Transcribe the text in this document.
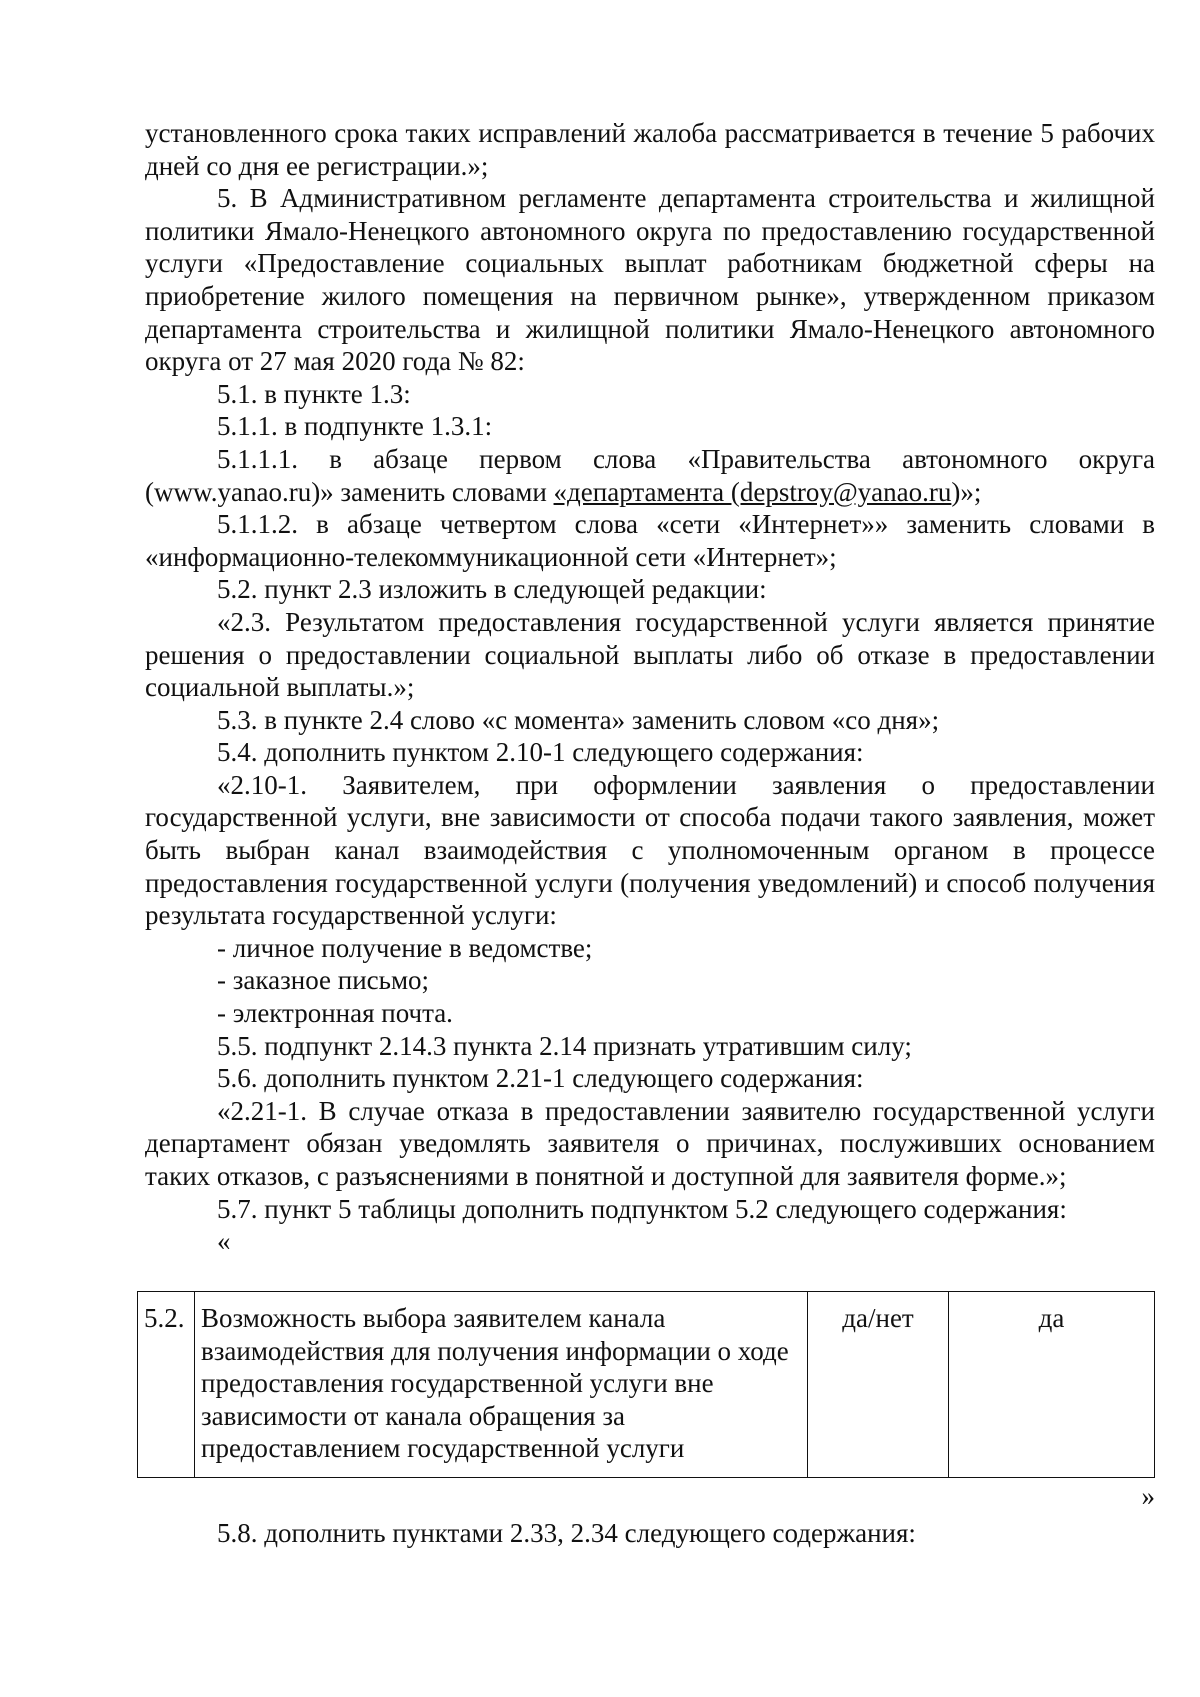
установленного срока таких исправлений жалоба рассматривается в течение 5 рабочих дней со дня ее регистрации.»;

5. В Административном регламенте департамента строительства и жилищной политики Ямало-Ненецкого автономного округа по предоставлению государственной услуги «Предоставление социальных выплат работникам бюджетной сферы на приобретение жилого помещения на первичном рынке», утвержденном приказом департамента строительства и жилищной политики Ямало-Ненецкого автономного округа от 27 мая 2020 года № 82:

5.1. в пункте 1.3:

5.1.1. в подпункте 1.3.1:

5.1.1.1. в абзаце первом слова «Правительства автономного округа (www.yanao.ru)» заменить словами «департамента (depstroy@yanao.ru)»;

5.1.1.2. в абзаце четвертом слова «сети «Интернет»» заменить словами в «информационно-телекоммуникационной сети «Интернет»;

5.2. пункт 2.3 изложить в следующей редакции:

«2.3. Результатом предоставления государственной услуги является принятие решения о предоставлении социальной выплаты либо об отказе в предоставлении социальной выплаты.»;

5.3. в пункте 2.4 слово «с момента» заменить словом «со дня»;

5.4. дополнить пунктом 2.10-1 следующего содержания:

«2.10-1. Заявителем, при оформлении заявления о предоставлении государственной услуги, вне зависимости от способа подачи такого заявления, может быть выбран канал взаимодействия с уполномоченным органом в процессе предоставления государственной услуги (получения уведомлений) и способ получения результата государственной услуги:

- личное получение в ведомстве;

- заказное письмо;

- электронная почта.

5.5. подпункт 2.14.3 пункта 2.14 признать утратившим силу;

5.6. дополнить пунктом 2.21-1 следующего содержания:

«2.21-1. В случае отказа в предоставлении заявителю государственной услуги департамент обязан уведомлять заявителя о причинах, послуживших основанием таких отказов, с разъяснениями в понятной и доступной для заявителя форме.»;

5.7. пункт 5 таблицы дополнить подпунктом 5.2 следующего содержания:

«

5.2.	Возможность выбора заявителем канала взаимодействия для получения информации о ходе предоставления государственной услуги вне зависимости от канала обращения за предоставлением государственной услуги	да/нет	да
»
5.8. дополнить пунктами 2.33, 2.34 следующего содержания:
